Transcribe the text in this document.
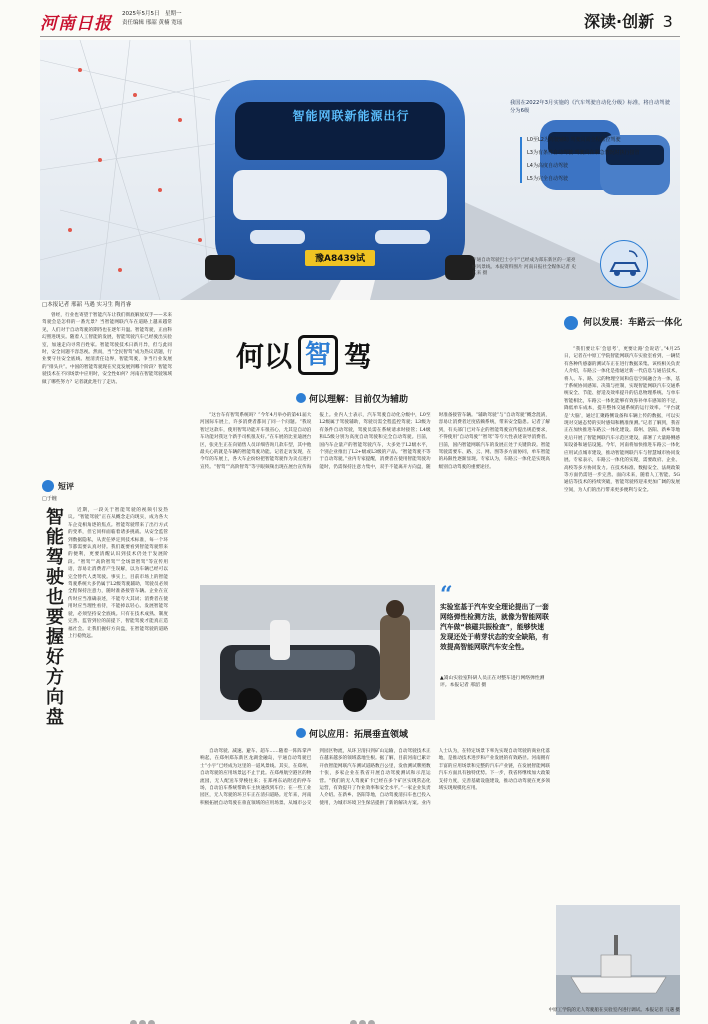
河南日报 2025年5月5日　星期一
责任编辑 邢韶 黄楠 宽瑶	深读·创新 3
智能网联新能源出行
豫A8439试
我国在2022年3月实施的《汽车驾驶自动化分级》标准，将自动驾驶分为6级
L0至L2为驾驶辅助 驾驶员需全程监控驾驶
L3为有条件自动驾驶 驾驶员在紧急情况时执行接管
L4为高度自动驾驶
L5为完全自动驾驶
宇通自动驾驶巴士小宇“已经成为郑东新区的一道亮丽风景线。本报资料图片 河南日报社全媒体记者 史长来 摄
□本报记者 邢韶 马遇 实习生 陶肖睿
何以 智 驾
曾经，行业也寄望于智能汽车让我们彻底解放双手——未来驾驶会是怎样的一番光景？当智能网联汽车在道路上越来越常见，人们对于自动驾驶的期待也在逐年升温。智能驾驶，正由科幻照进现实。随着人工智能的发展，智能驾驶汽车已经驶出实验室，加速走向寻常百姓家。智能驾驶技术日新月异，但与此同时，安全问题不容忽视。然而，当“全民智驾”成为热议话题，行业要守住安全底线、厘清责任边界，智能驾驶，争当行业发展的“排头兵”。中国的智能驾驶现在究竟发展到哪个阶段？智能驾驶技术在不同场景中应用时，安全性如何？河南在智能驾驶领域做了哪些努力？记者就此进行了走访。
短评
□于缠
智能驾驶也要握好方向盘	近期，一段关于智能驾驶的视频引发热议。“智能驾驶”正在从概念走向现实，成为各大车企竞相角逐的焦点。智能驾驶带来了出行方式的变革，但它同样面临着诸多挑战。从安全监管到数据隐私，从责任界定到技术标准，每一个环节都需要认真对待。我们既要看到智能驾驶带来的便利，更要清醒认识到技术仍处于发展阶段。“智驾”“高阶智驾”“全场景智驾”等宣传用语，容易让消费者产生误解，以为车辆已经可以完全替代人类驾驶。事实上，目前市场上的智能驾驶系统大多仍属于L2级驾驶辅助，驾驶员必须全程保持注意力，随时准备接管车辆。企业在宣传时应当准确表述，不能夸大其词；消费者在使用时应当理性看待，不能掉以轻心。发展智能驾驶，必须坚持安全底线。只有在技术成熟、制度完善、监管到位的前提下，智能驾驶才能真正造福社会。让我们握好方向盘，在智能驾驶的道路上行稳致远。
何以理解：目前仅为辅助
“这台车有智驾系统吗？”今年4月举办的第41届大河国际车展上，许多消费者都问了同一个问题。“我说智过这款车，使用智驾功能开车很省心，尤其是自动泊车功能对我这个新手司机很友好。”在车展的比亚迪展台区，张先生正在向销售人员详细咨询几款车型，其中他最关心的就是车辆的智能驾驶功能。记者走访发现，在今年的车展上，各大车企纷纷把智能驾驶作为卖点进行宣传。“智驾”“高阶智驾”等字眼频频出现在展台宣传海报上。业内人士表示，汽车驾驶自动化分级中，L0至L2级属于驾驶辅助，驾驶员需全程监控驾驶；L3级为有条件自动驾驶，驾驶员需在系统请求时接管；L4级和L5级分别为高度自动驾驶和完全自动驾驶。目前，国内车企量产的智能驾驶汽车，大多处于L2级水平，个别企业推出了L2+级或L3级的产品。“智能驾驶不等于自动驾驶。”业内专家提醒，消费者在使用智能驾驶功能时，仍需保持注意力集中，双手不能离开方向盘，随时准备接管车辆。“辅助驾驶”与“自动驾驶”概念混淆，容易让消费者过度依赖系统，带来安全隐患。记者了解到，有关部门已对车企的智能驾驶宣传提出规范要求，不得使用“自动驾驶”“智驾”等夸大性表述误导消费者。目前，国内智能网联汽车的发展正处于关键阶段。智能驾驶需要车、路、云、网、图等多方面协同，单车智能的局限性逐渐显现。专家认为，车路云一体化是实现高级别自动驾驶的重要途径。
▲嵩山实验室科研人员正在对整车进行网络弹性测评。本报记者 邢韶 摄
“
实验室基于汽车安全理论提出了一套网络弹性检测方法，就像为智能网联汽车做“核磁共振检查”，能够快速发现还处于萌芽状态的安全缺陷，有效提高智能网联汽车安全性。
何以应用：拓展垂直领域
自动驾驶、减速、避车、超车……随着一阵阵掌声响起，在郑州郑东新区龙湖金融岛，宇通自动驾驶巴士“小宇”已经成为这里的一道风景线。其实，在郑州，自动驾驶的应用场景远不止于此。在郑州航空港区的物流园，无人配送车穿梭往来；在郑州东站附近的停车场，自动泊车系统帮助车主快速找到车位；在一些工业园区，无人驾驶的环卫车正在清扫道路。近年来，河南积极拓展自动驾驶在垂直领域的应用场景。从城市公交到园区物流，从环卫清扫到矿山运输，自动驾驶技术正在越来越多的领域落地生根。据了解，目前河南已累计开放智能网联汽车测试道路数百公里，发放测试牌照数十张，多家企业在我省开展自动驾驶测试和示范运营。“我们的无人驾驶矿卡已经在多个矿区实现常态化运营，有效提升了作业效率和安全水平。”一家企业负责人介绍。在新乡、洛阳等地，自动驾驶清扫车也已投入使用，为城市环境卫生保洁提供了新的解决方案。业内人士认为，在特定场景下率先实现自动驾驶的商业化落地，是推动技术进步和产业发展的有效路径。河南拥有丰富的应用场景和完整的汽车产业链，在发展智能网联汽车方面具有独特优势。下一步，我省将继续加大政策支持力度，完善基础设施建设，推动自动驾驶在更多领域实现规模化应用。
何以发展：车路云一体化
“我们要让车‘会思考’，更要让路‘会说话’。”4月25日，记者在中原工学院智能网联汽车实验室看到，一辆装有各种传感器的测试车正在进行数据采集。该校相关负责人介绍，车路云一体化是指通过新一代信息与通信技术，将人、车、路、云的物理空间和信息空间融合为一体，基于系统协同感知、决策与控制，实现智能网联汽车交通系统安全、节能、舒适及效率提升的信息物理系统。与单车智能相比，车路云一体化能够有效弥补单车感知的不足，降低单车成本，提升整体交通系统的运行效率。“平台就是‘大脑’，通过汇聚路侧设备和车辆上传的数据，可以实现对交通态势的实时感知和精准预测。”记者了解到，我省正在加快推进车路云一体化建设。郑州、洛阳、新乡等地先后开展了智能网联汽车示范区建设，部署了大量路侧感知设备和通信设施。今年，河南将加快推进车路云一体化应用试点城市建设，推动智能网联汽车与智慧城市协同发展。专家表示，车路云一体化的实现，需要政府、企业、高校等多方协同发力。在技术标准、数据安全、法规政策等方面仍需进一步完善。面向未来，随着人工智能、5G通信等技术的持续突破，智能驾驶将迎来更加广阔的发展空间，为人们的出行带来更多便利与安全。
中原工学院的无人驾驶船在实验室内进行调试。本报记者 马遇 摄
